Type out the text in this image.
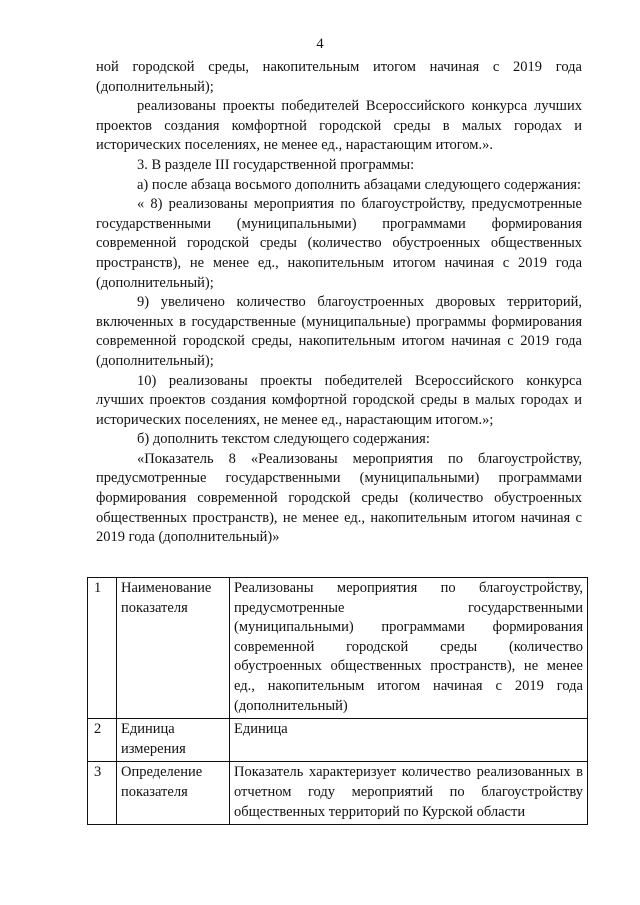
4

ной городской среды, накопительным итогом начиная с 2019 года (дополнительный);

реализованы проекты победителей Всероссийского конкурса лучших проектов создания комфортной городской среды в малых городах и исторических поселениях, не менее ед., нарастающим итогом.».

3. В разделе III государственной программы:

а) после абзаца восьмого дополнить абзацами следующего содержания:

« 8) реализованы мероприятия по благоустройству, предусмотренные государственными (муниципальными) программами формирования современной городской среды (количество обустроенных общественных пространств), не менее ед., накопительным итогом начиная с 2019 года (дополнительный);

9) увеличено количество благоустроенных дворовых территорий, включенных в государственные (муниципальные) программы формирования современной городской среды, накопительным итогом начиная с 2019 года (дополнительный);

10) реализованы проекты победителей Всероссийского конкурса лучших проектов создания комфортной городской среды в малых городах и исторических поселениях, не менее ед., нарастающим итогом.»;

б) дополнить текстом следующего содержания:

«Показатель 8 «Реализованы мероприятия по благоустройству, предусмотренные государственными (муниципальными) программами формирования современной городской среды (количество обустроенных общественных пространств), не менее ед., накопительным итогом начиная с 2019 года (дополнительный)»

1	Наименование показателя	Реализованы мероприятия по благоустройству, предусмотренные государственными (муниципальными) программами формирования современной городской среды (количество обустроенных общественных пространств), не менее ед., накопительным итогом начиная с 2019 года (дополнительный)
2	Единица измерения	Единица
3	Определение показателя	Показатель характеризует количество реализованных в отчетном году мероприятий по благоустройству общественных территорий по Курской области
